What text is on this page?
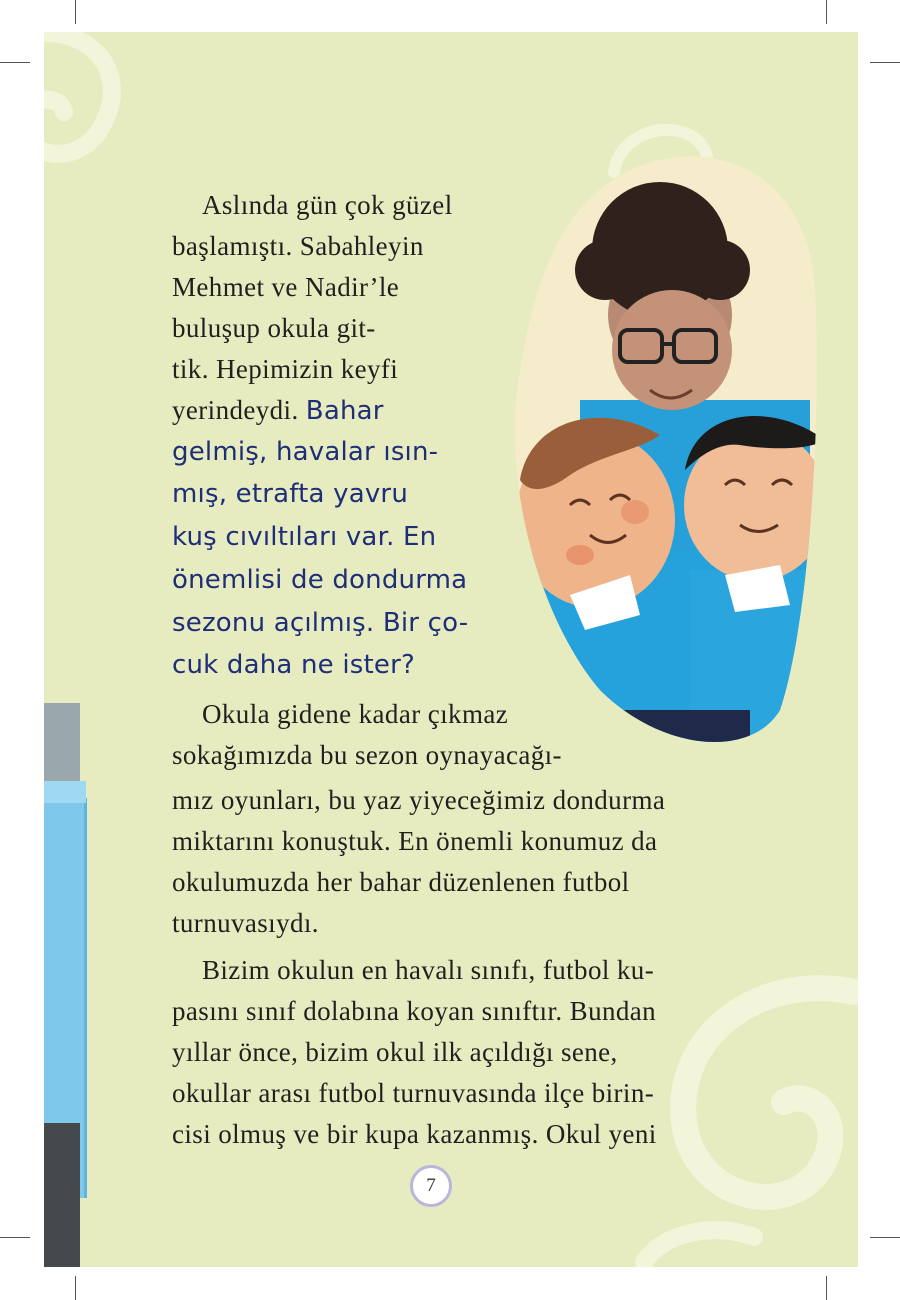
Aslında gün çok güzel

başlamıştı. Sabahleyin

Mehmet ve Nadir’le

buluşup okula git-

tik. Hepimizin keyfi

yerindeydi. Bahar

gelmiş, havalar ısın-

mış, etrafta yavru

kuş cıvıltıları var. En

önemlisi de dondurma

sezonu açılmış. Bir ço-

cuk daha ne ister?

Okula gidene kadar çıkmaz

sokağımızda bu sezon oynayacağı-

mız oyunları, bu yaz yiyeceğimiz dondurma

miktarını konuştuk. En önemli konumuz da

okulumuzda her bahar düzenlenen futbol

turnuvasıydı.

Bizim okulun en havalı sınıfı, futbol ku-

pasını sınıf dolabına koyan sınıftır. Bundan

yıllar önce, bizim okul ilk açıldığı sene,

okullar arası futbol turnuvasında ilçe birin-

cisi olmuş ve bir kupa kazanmış. Okul yeni

7
